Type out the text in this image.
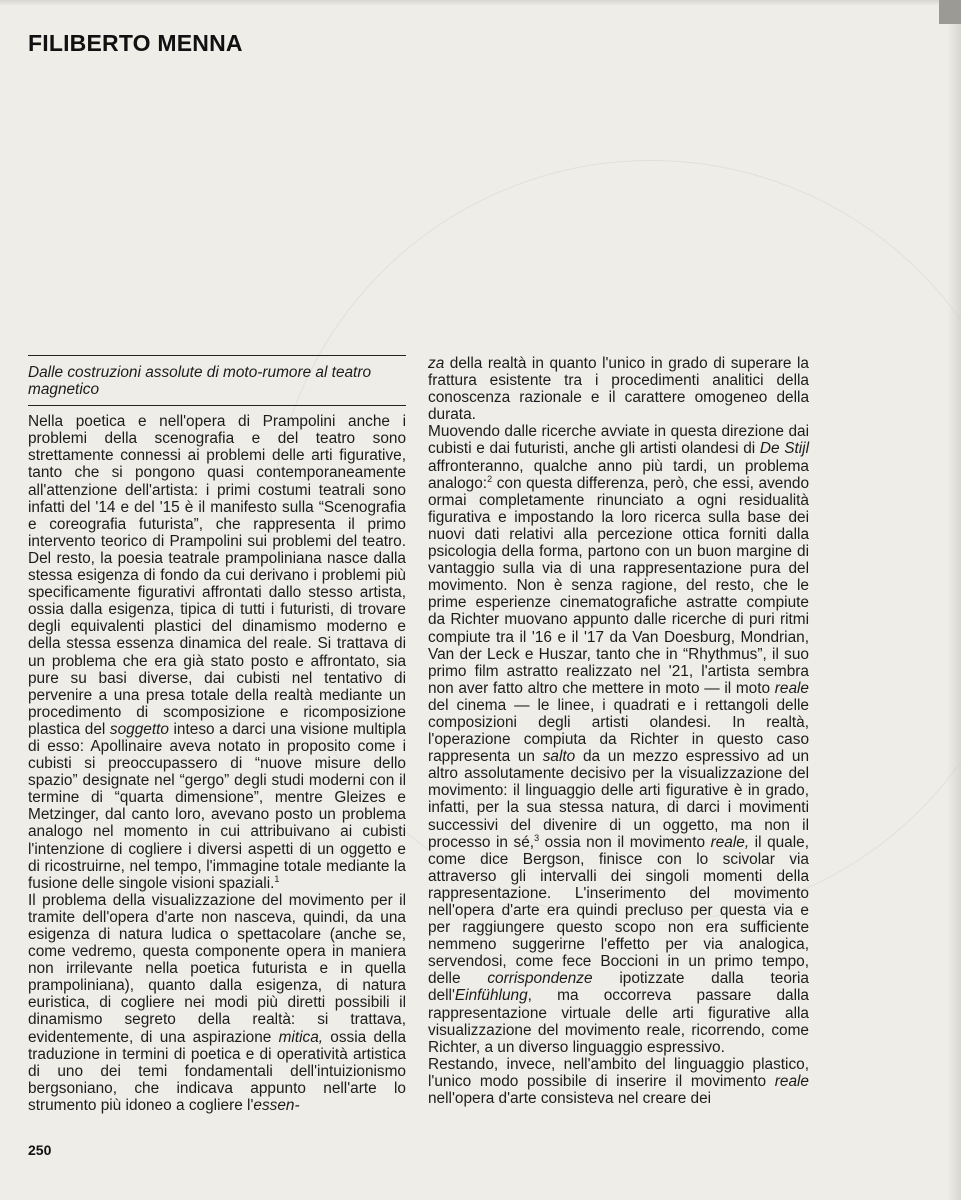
FILIBERTO MENNA
Dalle costruzioni assolute di moto-rumore al teatro magnetico

Nella poetica e nell'opera di Prampolini anche i problemi della scenografia e del teatro sono strettamente connessi ai problemi delle arti figurative, tanto che si pongono quasi contemporaneamente all'attenzione dell'artista: i primi costumi teatrali sono infatti del '14 e del '15 è il manifesto sulla “Scenografia e coreografia futurista”, che rappresenta il primo intervento teorico di Prampolini sui problemi del teatro. Del resto, la poesia teatrale prampoliniana nasce dalla stessa esigenza di fondo da cui derivano i problemi più specificamente figurativi affrontati dallo stesso artista, ossia dalla esigenza, tipica di tutti i futuristi, di trovare degli equivalenti plastici del dinamismo moderno e della stessa essenza dinamica del reale. Si trattava di un problema che era già stato posto e affrontato, sia pure su basi diverse, dai cubisti nel tentativo di pervenire a una presa totale della realtà mediante un procedimento di scomposizione e ricomposizione plastica del soggetto inteso a darci una visione multipla di esso: Apollinaire aveva notato in proposito come i cubisti si preoccupassero di “nuove misure dello spazio” designate nel “gergo” degli studi moderni con il termine di “quarta dimensione”, mentre Gleizes e Metzinger, dal canto loro, avevano posto un problema analogo nel momento in cui attribuivano ai cubisti l'intenzione di cogliere i diversi aspetti di un oggetto e di ricostruirne, nel tempo, l'immagine totale mediante la fusione delle singole visioni spaziali.$^1$

Il problema della visualizzazione del movimento per il tramite dell'opera d'arte non nasceva, quindi, da una esigenza di natura ludica o spettacolare (anche se, come vedremo, questa componente opera in maniera non irrilevante nella poetica futurista e in quella prampoliniana), quanto dalla esigenza, di natura euristica, di cogliere nei modi più diretti possibili il dinamismo segreto della realtà: si trattava, evidentemente, di una aspirazione mitica, ossia della traduzione in termini di poetica e di operatività artistica di uno dei temi fondamentali dell'intuizionismo bergsoniano, che indicava appunto nell'arte lo strumento più idoneo a cogliere l'essen-

za della realtà in quanto l'unico in grado di superare la frattura esistente tra i procedimenti analitici della conoscenza razionale e il carattere omogeneo della durata.

Muovendo dalle ricerche avviate in questa direzione dai cubisti e dai futuristi, anche gli artisti olandesi di De Stijl affronteranno, qualche anno più tardi, un problema analogo:$^2$ con questa differenza, però, che essi, avendo ormai completamente rinunciato a ogni residualità figurativa e impostando la loro ricerca sulla base dei nuovi dati relativi alla percezione ottica forniti dalla psicologia della forma, partono con un buon margine di vantaggio sulla via di una rappresentazione pura del movimento. Non è senza ragione, del resto, che le prime esperienze cinematografiche astratte compiute da Richter muovano appunto dalle ricerche di puri ritmi compiute tra il '16 e il '17 da Van Doesburg, Mondrian, Van der Leck e Huszar, tanto che in “Rhythmus”, il suo primo film astratto realizzato nel '21, l'artista sembra non aver fatto altro che mettere in moto — il moto reale del cinema — le linee, i quadrati e i rettangoli delle composizioni degli artisti olandesi. In realtà, l'operazione compiuta da Richter in questo caso rappresenta un salto da un mezzo espressivo ad un altro assolutamente decisivo per la visualizzazione del movimento: il linguaggio delle arti figurative è in grado, infatti, per la sua stessa natura, di darci i movimenti successivi del divenire di un oggetto, ma non il processo in sé,$^3$ ossia non il movimento reale, il quale, come dice Bergson, finisce con lo scivolar via attraverso gli intervalli dei singoli momenti della rappresentazione. L'inserimento del movimento nell'opera d'arte era quindi precluso per questa via e per raggiungere questo scopo non era sufficiente nemmeno suggerirne l'effetto per via analogica, servendosi, come fece Boccioni in un primo tempo, delle corrispondenze ipotizzate dalla teoria dell'Einfühlung, ma occorreva passare dalla rappresentazione virtuale delle arti figurative alla visualizzazione del movimento reale, ricorrendo, come Richter, a un diverso linguaggio espressivo.

Restando, invece, nell'ambito del linguaggio plastico, l'unico modo possibile di inserire il movimento reale nell'opera d'arte consisteva nel creare dei

250
